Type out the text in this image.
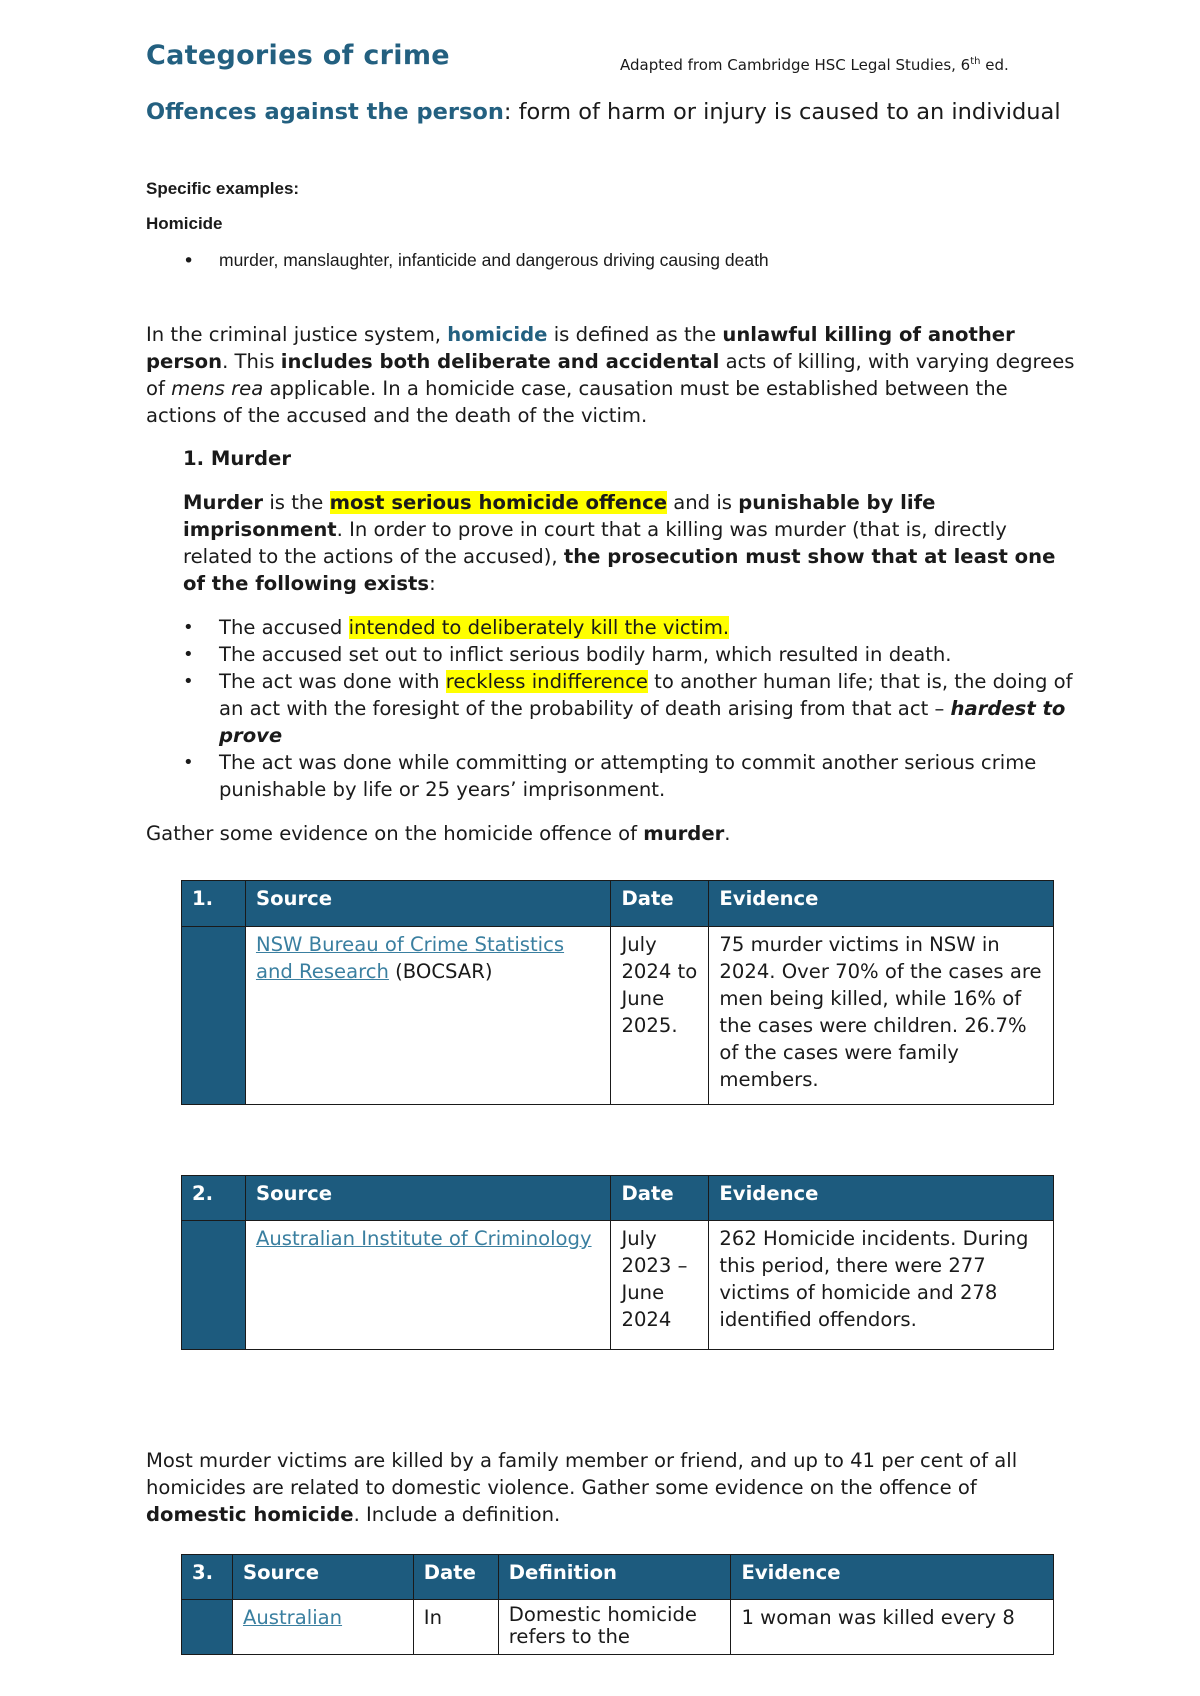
Categories of crime	Adapted from Cambridge HSC Legal Studies, 6th ed.
Offences against the person: form of harm or injury is caused to an individual
Specific examples:
Homicide
• murder, manslaughter, infanticide and dangerous driving causing death
In the criminal justice system, homicide is defined as the unlawful killing of another person. This includes both deliberate and accidental acts of killing, with varying degrees of mens rea applicable. In a homicide case, causation must be established between the actions of the accused and the death of the victim.
1. Murder
Murder is the most serious homicide offence and is punishable by life imprisonment. In order to prove in court that a killing was murder (that is, directly related to the actions of the accused), the prosecution must show that at least one of the following exists:
• The accused intended to deliberately kill the victim.
• The accused set out to inflict serious bodily harm, which resulted in death.
• The act was done with reckless indifference to another human life; that is, the doing of an act with the foresight of the probability of death arising from that act – hardest to prove
• The act was done while committing or attempting to commit another serious crime punishable by life or 25 years’ imprisonment.
Gather some evidence on the homicide offence of murder.
1.	Source	Date	Evidence
	NSW Bureau of Crime Statistics and Research (BOCSAR)	July 2024 to June 2025.	75 murder victims in NSW in 2024. Over 70% of the cases are men being killed, while 16% of the cases were children. 26.7% of the cases were family members.
2.	Source	Date	Evidence
	Australian Institute of Criminology	July 2023 – June 2024	262 Homicide incidents. During this period, there were 277 victims of homicide and 278 identified offendors.
Most murder victims are killed by a family member or friend, and up to 41 per cent of all homicides are related to domestic violence. Gather some evidence on the offence of domestic homicide. Include a definition.
3.	Source	Date	Definition	Evidence
	Australian	In	Domestic homicide refers to the	1 woman was killed every 8
